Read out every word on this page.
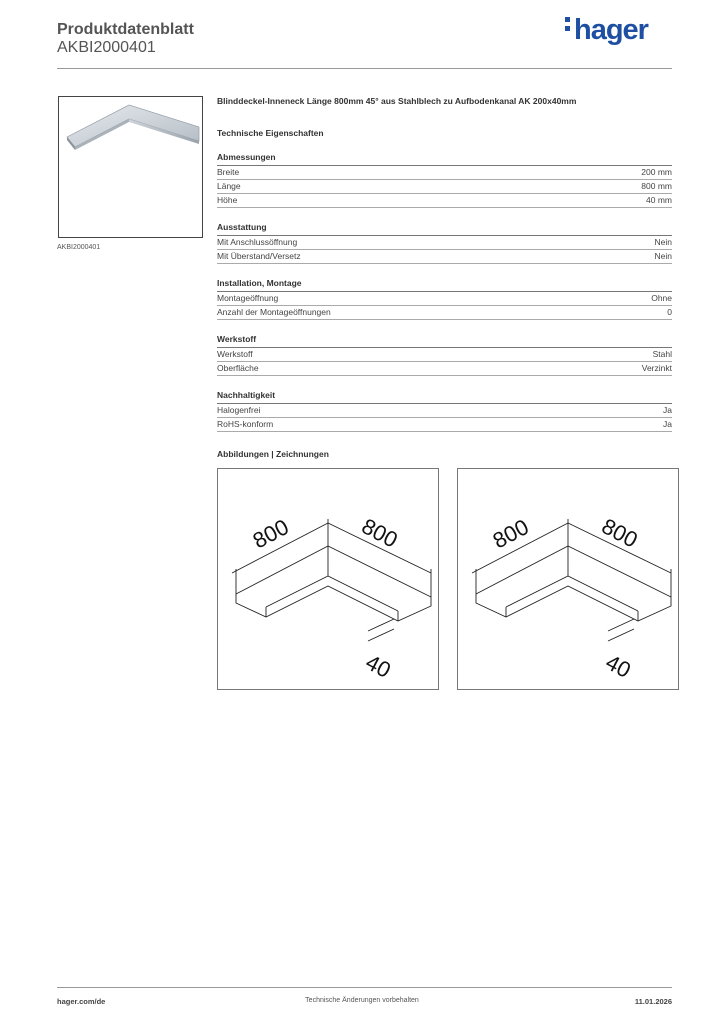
Produktdatenblatt
AKBI2000401
hager
AKBI2000401
Blinddeckel-Inneneck Länge 800mm 45° aus Stahlblech zu Aufbodenkanal AK 200x40mm
Technische Eigenschaften
Abmessungen
Breite	200 mm
Länge	800 mm
Höhe	40 mm
Ausstattung
Mit Anschlussöffnung	Nein
Mit Überstand/Versetz	Nein
Installation, Montage
Montageöffnung	Ohne
Anzahl der Montageöffnungen	0
Werkstoff
Werkstoff	Stahl
Oberfläche	Verzinkt
Nachhaltigkeit
Halogenfrei	Ja
RoHS-konform	Ja
Abbildungen | Zeichnungen
800	800
40
800	800
40
hager.com/de	Technische Änderungen vorbehalten	11.01.2026
